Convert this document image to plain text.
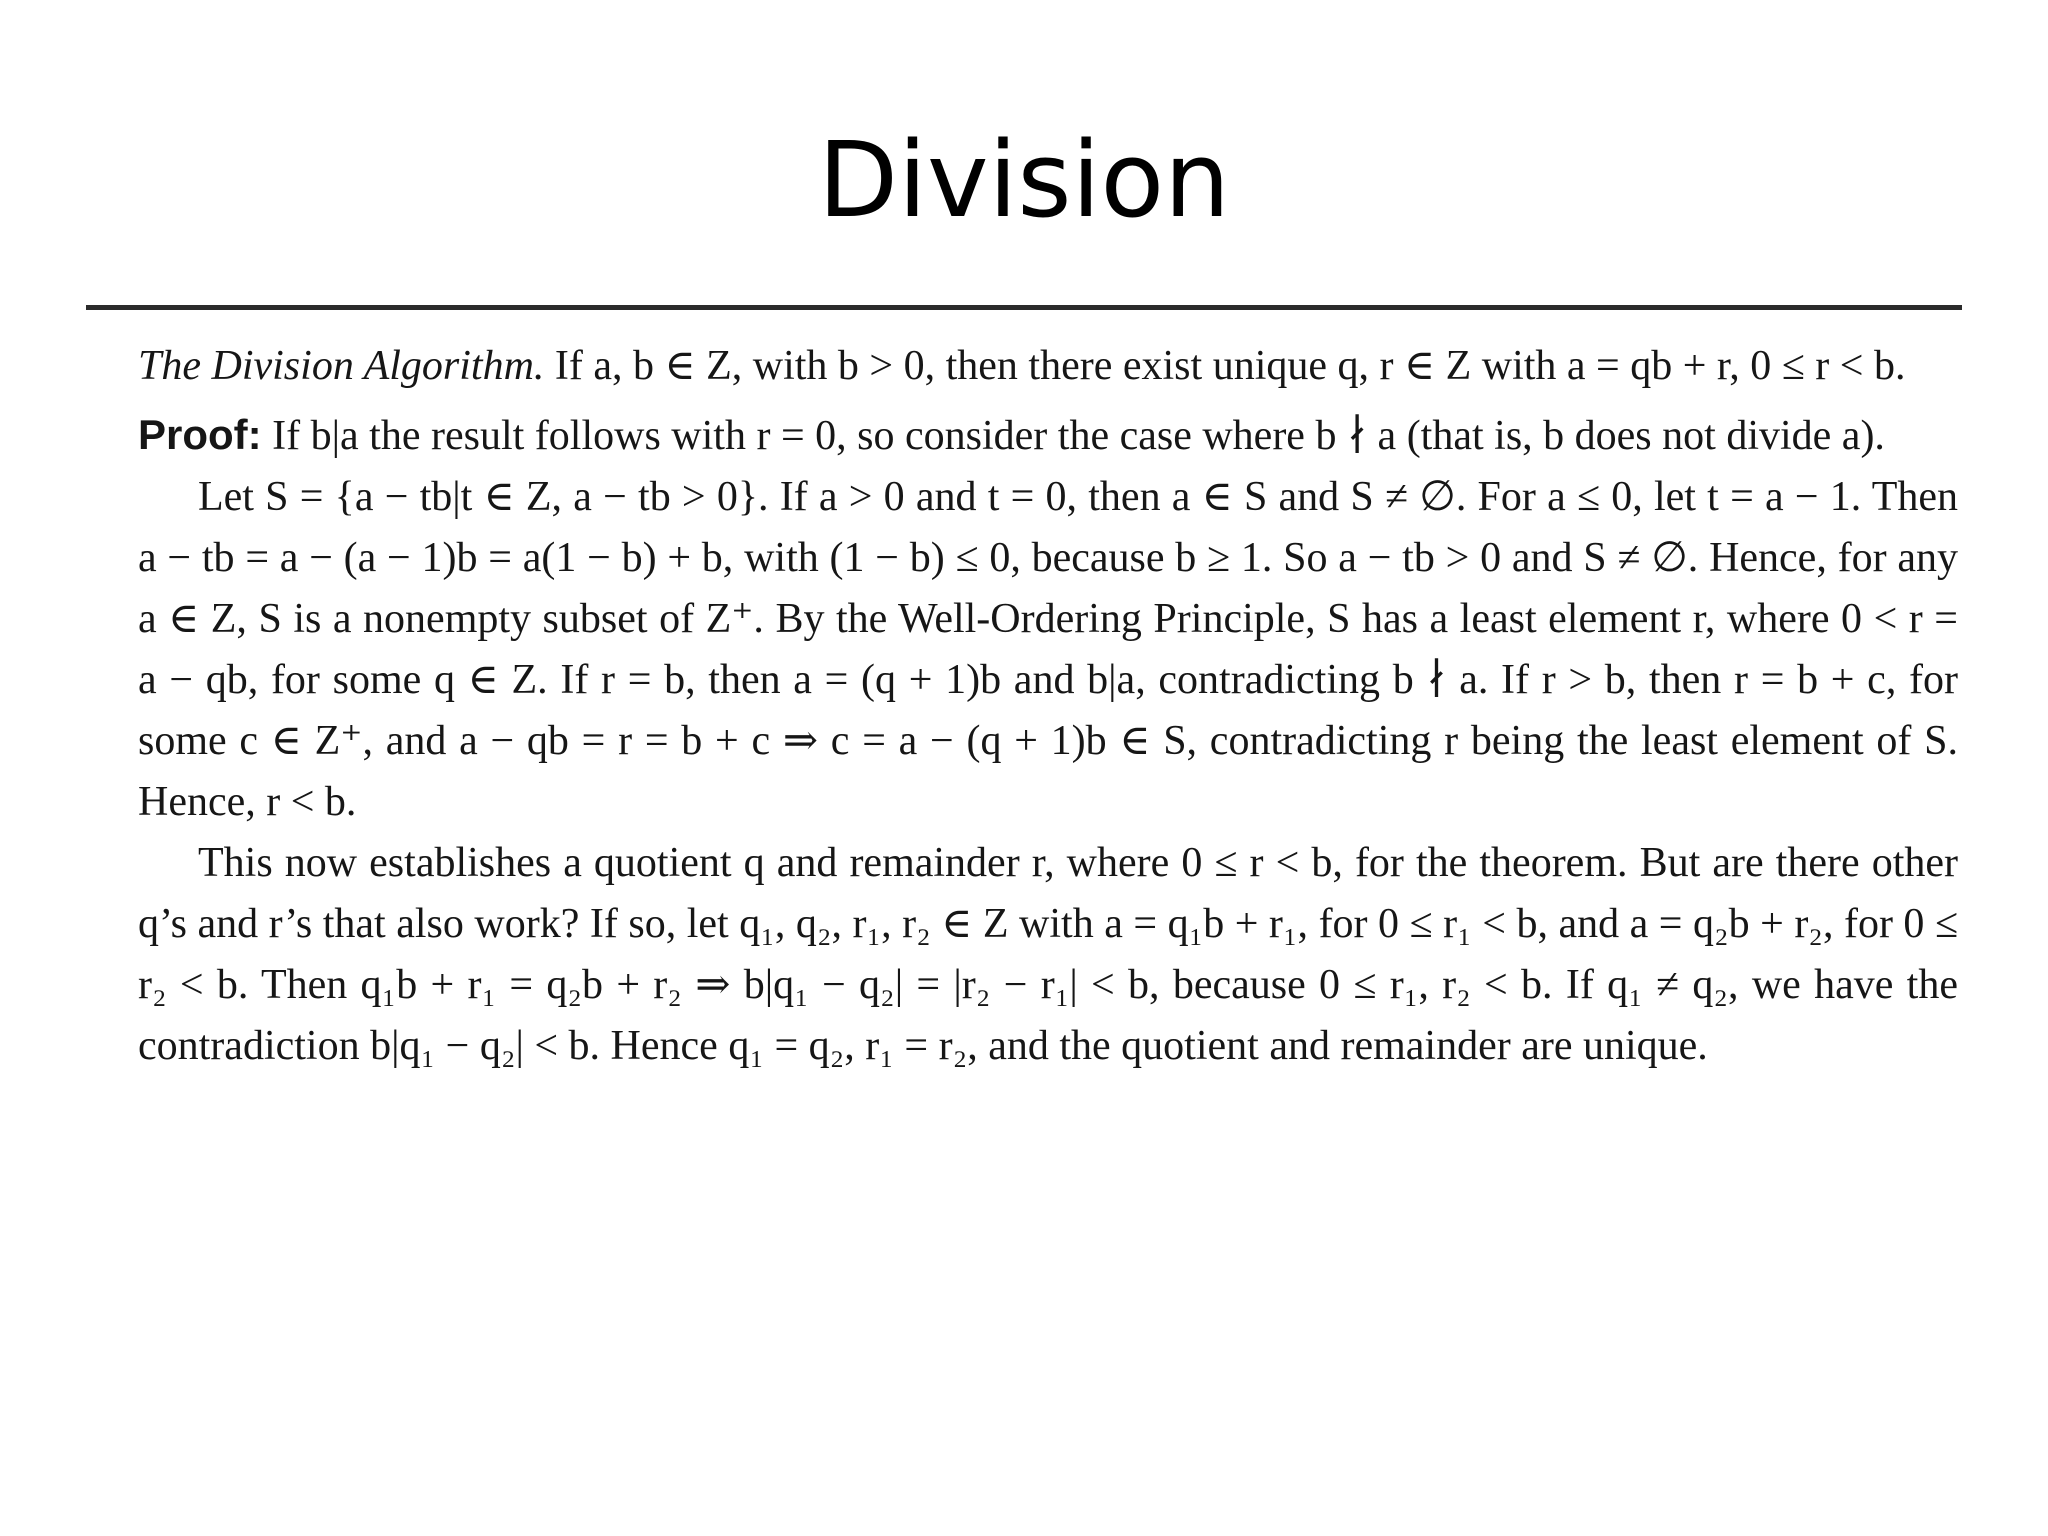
Division

The Division Algorithm. If a, b ∈ Z, with b > 0, then there exist unique q, r ∈ Z with a = qb + r, 0 ≤ r < b.

Proof: If b|a the result follows with r = 0, so consider the case where b ∤ a (that is, b does not divide a).

Let S = {a − tb|t ∈ Z, a − tb > 0}. If a > 0 and t = 0, then a ∈ S and S ≠ ∅. For a ≤ 0, let t = a − 1. Then a − tb = a − (a − 1)b = a(1 − b) + b, with (1 − b) ≤ 0, because b ≥ 1. So a − tb > 0 and S ≠ ∅. Hence, for any a ∈ Z, S is a nonempty subset of Z⁺. By the Well-Ordering Principle, S has a least element r, where 0 < r = a − qb, for some q ∈ Z. If r = b, then a = (q + 1)b and b|a, contradicting b ∤ a. If r > b, then r = b + c, for some c ∈ Z⁺, and a − qb = r = b + c ⇒ c = a − (q + 1)b ∈ S, contradicting r being the least element of S. Hence, r < b.

This now establishes a quotient q and remainder r, where 0 ≤ r < b, for the theorem. But are there other q’s and r’s that also work? If so, let q₁, q₂, r₁, r₂ ∈ Z with a = q₁b + r₁, for 0 ≤ r₁ < b, and a = q₂b + r₂, for 0 ≤ r₂ < b. Then q₁b + r₁ = q₂b + r₂ ⇒ b|q₁ − q₂| = |r₂ − r₁| < b, because 0 ≤ r₁, r₂ < b. If q₁ ≠ q₂, we have the contradiction b|q₁ − q₂| < b. Hence q₁ = q₂, r₁ = r₂, and the quotient and remainder are unique.
